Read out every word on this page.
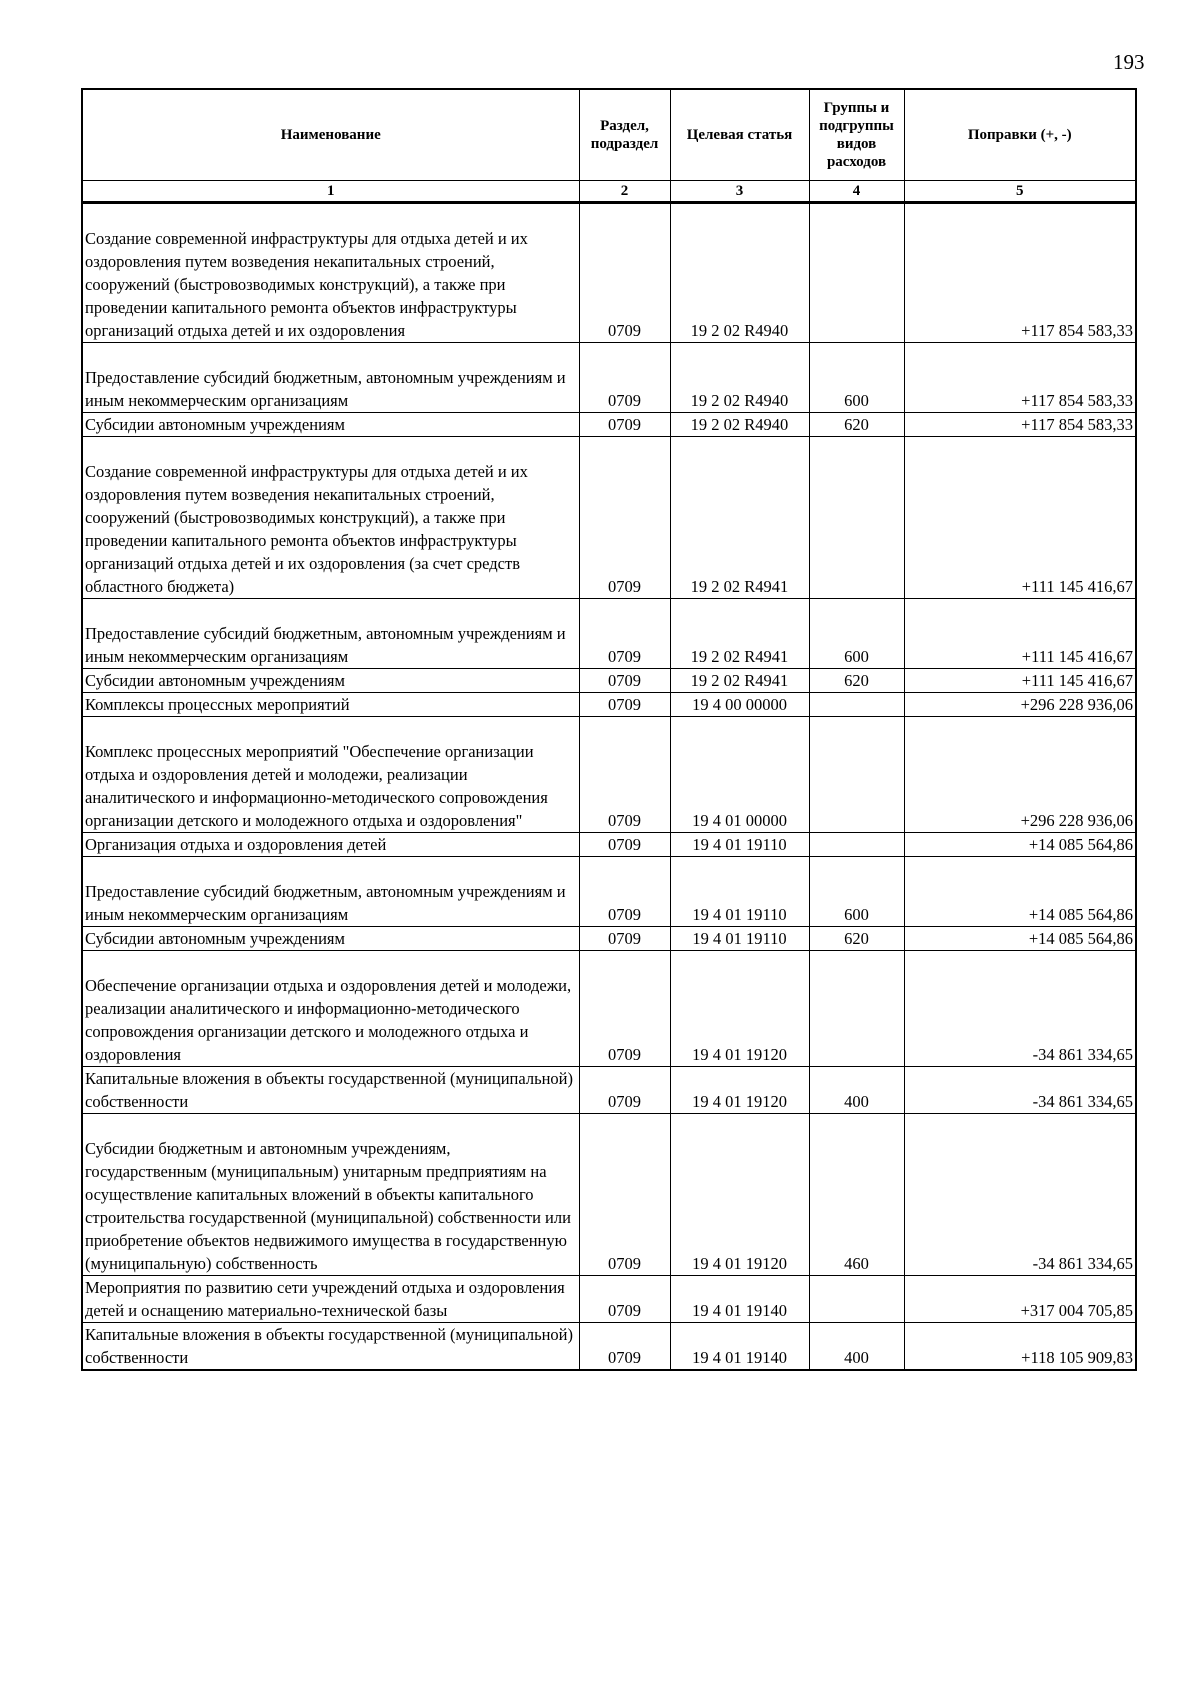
193
Наименование	Раздел, подраздел	Целевая статья	Группы и подгруппы видов расходов	Поправки (+, -)
1	2	3	4	5

Создание современной инфраструктуры для отдыха детей и их оздоровления путем возведения некапитальных строений, сооружений (быстровозводимых конструкций), а также при проведении капитального ремонта объектов инфраструктуры организаций отдыха детей и их оздоровления	0709	19 2 02 R4940		+117 854 583,33

Предоставление субсидий бюджетным, автономным учреждениям и иным некоммерческим организациям	0709	19 2 02 R4940	600	+117 854 583,33
Субсидии автономным учреждениям	0709	19 2 02 R4940	620	+117 854 583,33

Создание современной инфраструктуры для отдыха детей и их оздоровления путем возведения некапитальных строений, сооружений (быстровозводимых конструкций), а также при проведении капитального ремонта объектов инфраструктуры организаций отдыха детей и их оздоровления (за счет средств областного бюджета)	0709	19 2 02 R4941		+111 145 416,67

Предоставление субсидий бюджетным, автономным учреждениям и иным некоммерческим организациям	0709	19 2 02 R4941	600	+111 145 416,67
Субсидии автономным учреждениям	0709	19 2 02 R4941	620	+111 145 416,67
Комплексы процессных мероприятий	0709	19 4 00 00000		+296 228 936,06

Комплекс процессных мероприятий "Обеспечение организации отдыха и оздоровления детей и молодежи, реализации аналитического и информационно-методического сопровождения организации детского и молодежного отдыха и оздоровления"	0709	19 4 01 00000		+296 228 936,06
Организация отдыха и оздоровления детей	0709	19 4 01 19110		+14 085 564,86

Предоставление субсидий бюджетным, автономным учреждениям и иным некоммерческим организациям	0709	19 4 01 19110	600	+14 085 564,86
Субсидии автономным учреждениям	0709	19 4 01 19110	620	+14 085 564,86

Обеспечение организации отдыха и оздоровления детей и молодежи, реализации аналитического и информационно-методического сопровождения организации детского и молодежного отдыха и оздоровления	0709	19 4 01 19120		-34 861 334,65
Капитальные вложения в объекты государственной (муниципальной) собственности	0709	19 4 01 19120	400	-34 861 334,65

Субсидии бюджетным и автономным учреждениям, государственным (муниципальным) унитарным предприятиям на осуществление капитальных вложений в объекты капитального строительства государственной (муниципальной) собственности или приобретение объектов недвижимого имущества в государственную (муниципальную) собственность	0709	19 4 01 19120	460	-34 861 334,65
Мероприятия по развитию сети учреждений отдыха и оздоровления детей и оснащению материально-технической базы	0709	19 4 01 19140		+317 004 705,85
Капитальные вложения в объекты государственной (муниципальной) собственности	0709	19 4 01 19140	400	+118 105 909,83
